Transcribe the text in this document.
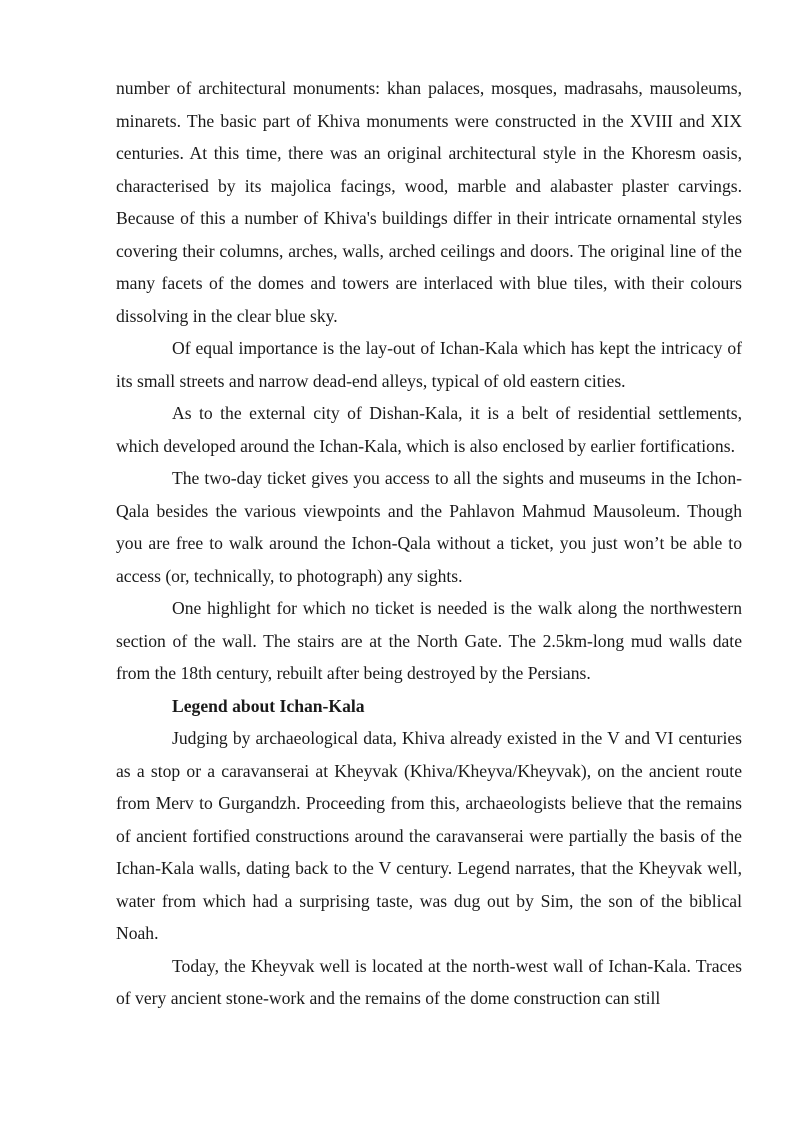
number of architectural monuments: khan palaces, mosques, madrasahs, mausoleums, minarets. The basic part of Khiva monuments were constructed in the XVIII and XIX centuries. At this time, there was an original architectural style in the Khoresm oasis, characterised by its majolica facings, wood, marble and alabaster plaster carvings. Because of this a number of Khiva's buildings differ in their intricate ornamental styles covering their columns, arches, walls, arched ceilings and doors. The original line of the many facets of the domes and towers are interlaced with blue tiles, with their colours dissolving in the clear blue sky.

Of equal importance is the lay-out of Ichan-Kala which has kept the intricacy of its small streets and narrow dead-end alleys, typical of old eastern cities.

As to the external city of Dishan-Kala, it is a belt of residential settlements, which developed around the Ichan-Kala, which is also enclosed by earlier fortifications.

The two-day ticket gives you access to all the sights and museums in the Ichon-Qala besides the various viewpoints and the Pahlavon Mahmud Mausoleum. Though you are free to walk around the Ichon-Qala without a ticket, you just won’t be able to access (or, technically, to photograph) any sights.

One highlight for which no ticket is needed is the walk along the northwestern section of the wall. The stairs are at the North Gate. The 2.5km-long mud walls date from the 18th century, rebuilt after being destroyed by the Persians.

Legend about Ichan-Kala

Judging by archaeological data, Khiva already existed in the V and VI centuries as a stop or a caravanserai at Kheyvak (Khiva/Kheyva/Kheyvak), on the ancient route from Merv to Gurgandzh. Proceeding from this, archaeologists believe that the remains of ancient fortified constructions around the caravanserai were partially the basis of the Ichan-Kala walls, dating back to the V century. Legend narrates, that the Kheyvak well, water from which had a surprising taste, was dug out by Sim, the son of the biblical Noah.

Today, the Kheyvak well is located at the north-west wall of Ichan-Kala. Traces of very ancient stone-work and the remains of the dome construction can still
